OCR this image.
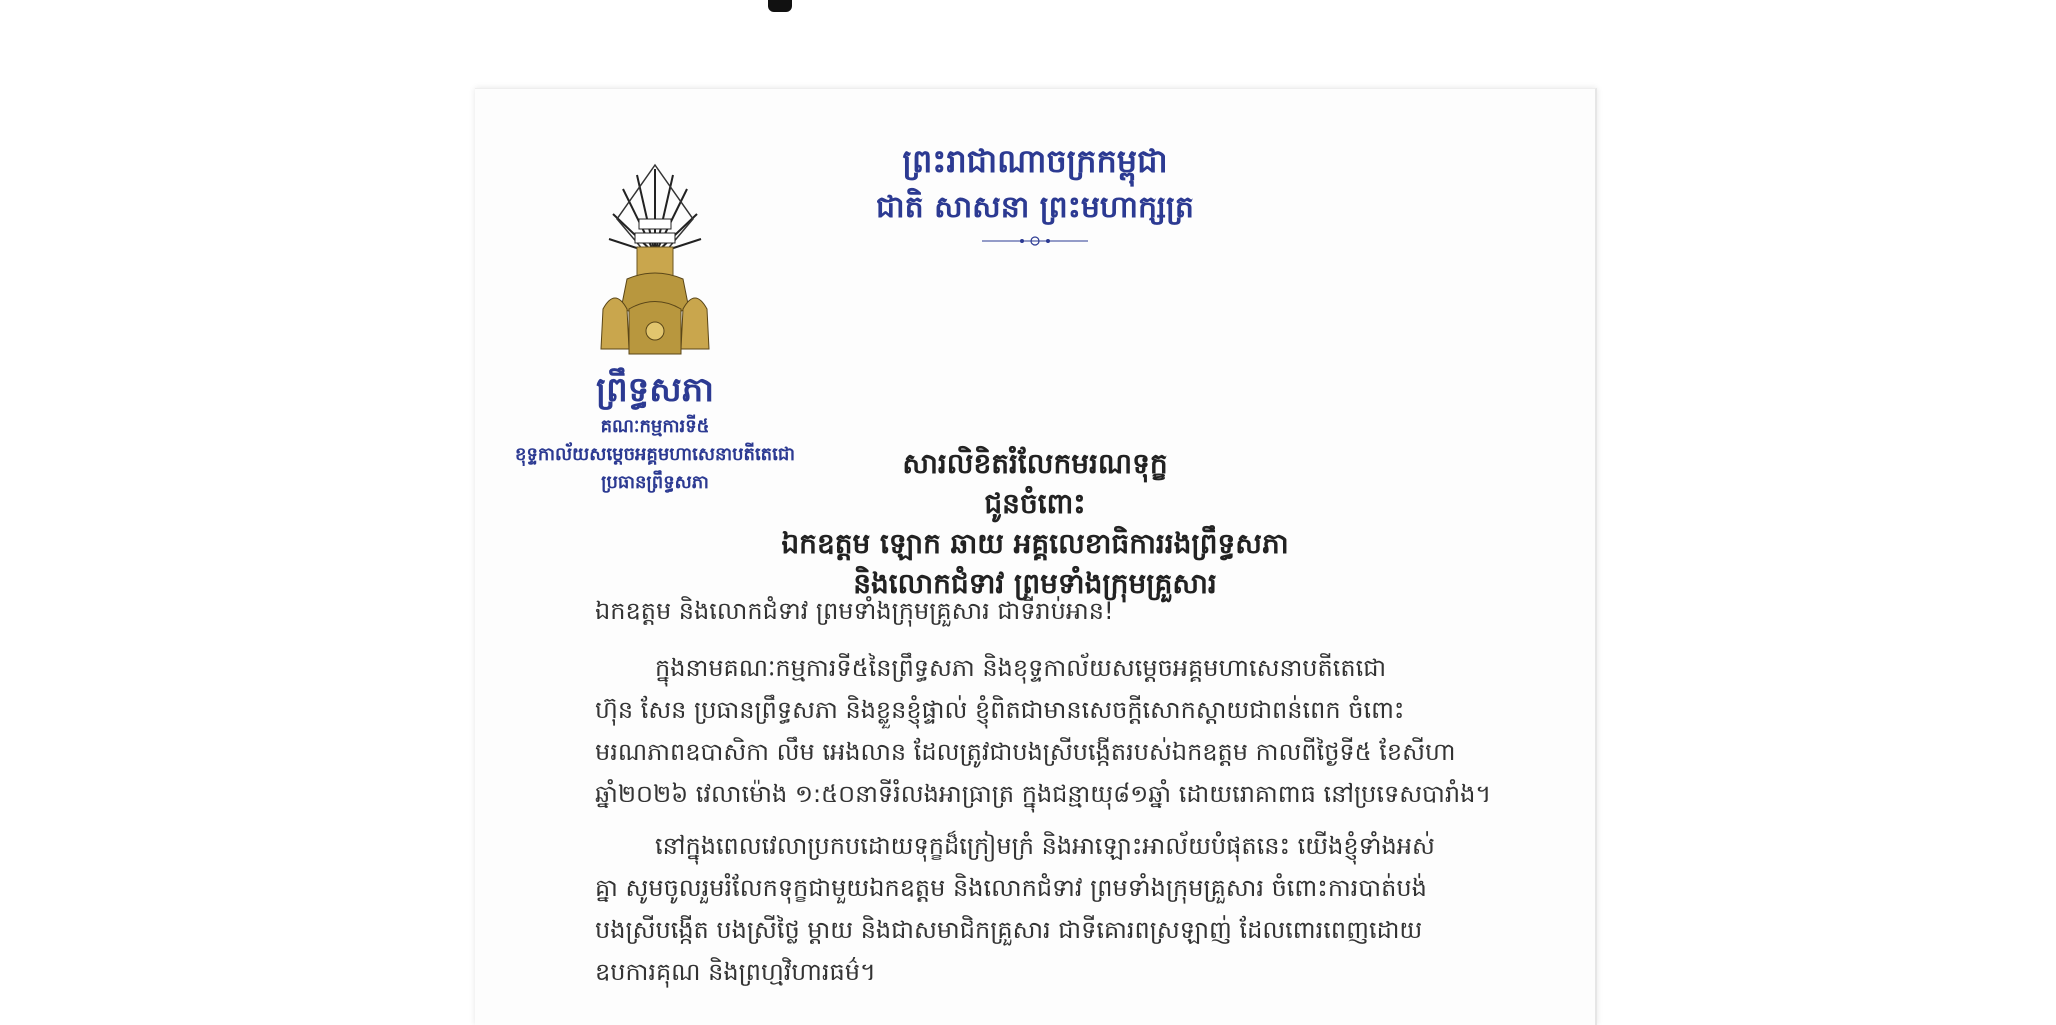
ព្រឹទ្ធសភា
គណៈកម្មការទី៥
ខុទ្ទកាល័យសម្តេចអគ្គមហាសេនាបតីតេជោ
ប្រធានព្រឹទ្ធសភា
ព្រះរាជាណាចក្រកម្ពុជា
ជាតិ សាសនា ព្រះមហាក្សត្រ
សារលិខិតរំលែកមរណទុក្ខ
ជូនចំពោះ
ឯកឧត្តម ឡោក ឆាយ អគ្គលេខាធិការរងព្រឹទ្ធសភា
និងលោកជំទាវ ព្រមទាំងក្រុមគ្រួសារ
ឯកឧត្តម និងលោកជំទាវ ព្រមទាំងក្រុមគ្រួសារ ជាទីរាប់អាន!
ក្នុងនាមគណៈកម្មការទី៥នៃព្រឹទ្ធសភា និងខុទ្ទកាល័យសម្តេចអគ្គមហាសេនាបតីតេជោ
ហ៊ុន សែន ប្រធានព្រឹទ្ធសភា និងខ្លួនខ្ញុំផ្ទាល់ ខ្ញុំពិតជាមានសេចក្តីសោកស្តាយជាពន់ពេក ចំពោះ
មរណភាពឧបាសិកា លឹម អេងលាន ដែលត្រូវជាបងស្រីបង្កើតរបស់ឯកឧត្តម កាលពីថ្ងៃទី៥ ខែសីហា
ឆ្នាំ២០២៦ វេលាម៉ោង ១:៥០នាទីរំលងអាធ្រាត្រ ក្នុងជន្មាយុ៨១ឆ្នាំ ដោយរោគាពាធ នៅប្រទេសបារាំង។
នៅក្នុងពេលវេលាប្រកបដោយទុក្ខដ៏ក្រៀមក្រំ និងអាឡោះអាល័យបំផុតនេះ យើងខ្ញុំទាំងអស់
គ្នា សូមចូលរួមរំលែកទុក្ខជាមួយឯកឧត្តម និងលោកជំទាវ ព្រមទាំងក្រុមគ្រួសារ ចំពោះការបាត់បង់
បងស្រីបង្កើត បងស្រីថ្លៃ ម្តាយ និងជាសមាជិកគ្រួសារ ជាទីគោរពស្រឡាញ់ ដែលពោរពេញដោយ
ឧបការគុណ និងព្រហ្មវិហារធម៌។
